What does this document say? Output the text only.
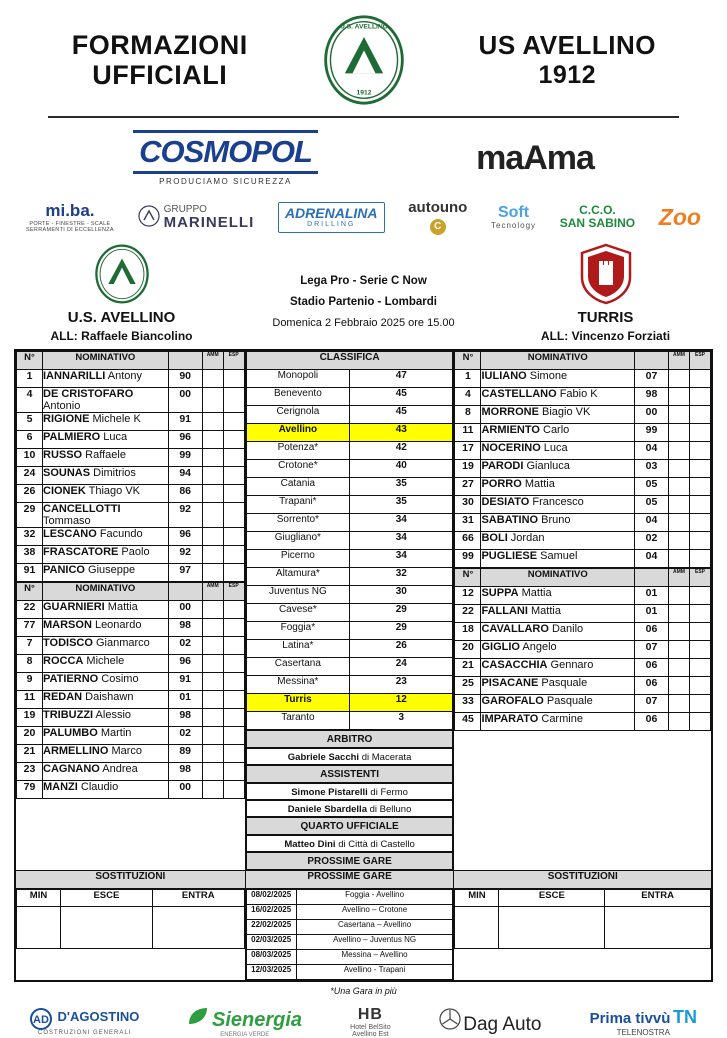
FORMAZIONI
UFFICIALI
U.S. AVELLINO
1912
US AVELLINO
1912
COSMOPOL
PRODUCIAMO SICUREZZA
maAma
mi.ba.
PORTE - FINESTRE - SCALE
SERRAMENTI DI ECCELLENZA
GRUPPO
MARINELLI
ADRENALINA
DRILLING
autouno
C
Soft
Tecnology
C.C.O.
SAN SABINO Zoo
U.S. AVELLINO
ALL: Raffaele Biancolino
Lega Pro - Serie C Now
Stadio Partenio - Lombardi
Domenica 2 Febbraio 2025 ore 15.00	TURRIS
ALL: Vincenzo Forziati
N°	NOMINATIVO		AMM	ESP
1	IANNARILLI Antony	90		
4	DE CRISTOFARO Antonio	00		
5	RIGIONE Michele K	91		
6	PALMIERO Luca	96		
10	RUSSO Raffaele	99		
24	SOUNAS Dimitrios	94		
26	CIONEK Thiago VK	86		
29	CANCELLOTTI Tommaso	92		
32	LESCANO Facundo	96		
38	FRASCATORE Paolo	92		
91	PANICO Giuseppe	97		
N°	NOMINATIVO		AMM	ESP
22	GUARNIERI Mattia	00		
77	MARSON Leonardo	98		
7	TODISCO Gianmarco	02		
8	ROCCA Michele	96		
9	PATIERNO Cosimo	91		
11	REDAN Daishawn	01		
19	TRIBUZZI Alessio	98		
20	PALUMBO Martin	02		
21	ARMELLINO Marco	89		
23	CAGNANO Andrea	98		
79	MANZI Claudio	00		

CLASSIFICA
Monopoli	47
Benevento	45
Cerignola	45
Avellino	43
Potenza*	42
Crotone*	40
Catania	35
Trapani*	35
Sorrento*	34
Giugliano*	34
Picerno	34
Altamura*	32
Juventus NG	30
Cavese*	29
Foggia*	29
Latina*	26
Casertana	24
Messina*	23
Turris	12
Taranto	3
ARBITRO
Gabriele Sacchi di Macerata
ASSISTENTI
Simone Pistarelli di Fermo
Daniele Sbardella di Belluno
QUARTO UFFICIALE
Matteo Dini di Città di Castello
PROSSIME GARE

N°	NOMINATIVO		AMM	ESP
1	IULIANO Simone	07		
4	CASTELLANO Fabio K	98		
8	MORRONE Biagio VK	00		
11	ARMIENTO Carlo	99		
17	NOCERINO Luca	04		
19	PARODI Gianluca	03		
27	PORRO Mattia	05		
30	DESIATO Francesco	05		
31	SABATINO Bruno	04		
66	BOLI Jordan	02		
99	PUGLIESE Samuel	04		
N°	NOMINATIVO		AMM	ESP
12	SUPPA Mattia	01		
22	FALLANI Mattia	01		
18	CAVALLARO Danilo	06		
20	GIGLIO Angelo	07		
21	CASACCHIA Gennaro	06		
25	PISACANE Pasquale	06		
33	GAROFALO Pasquale	07		
45	IMPARATO Carmine	06		

SOSTITUZIONI	PROSSIME GARE	SOSTITUZIONI

MIN	ESCE	ENTRA

		08/02/2025	Foggia - Avellino
16/02/2025	Avellino – Crotone
22/02/2025	Casertana – Avellino
02/03/2025	Avellino – Juventus NG
08/03/2025	Messina – Avellino
12/03/2025	Avellino - Trapani

MIN	ESCE	ENTRA

*Una Gara in più
AD D'AGOSTINO
COSTRUZIONI GENERALI
Sienergia
ENERGIA VERDE
HB
Hotel BelSito
Avellino Est	Dag Auto	Prima tivvù TN
TELENOSTRA
